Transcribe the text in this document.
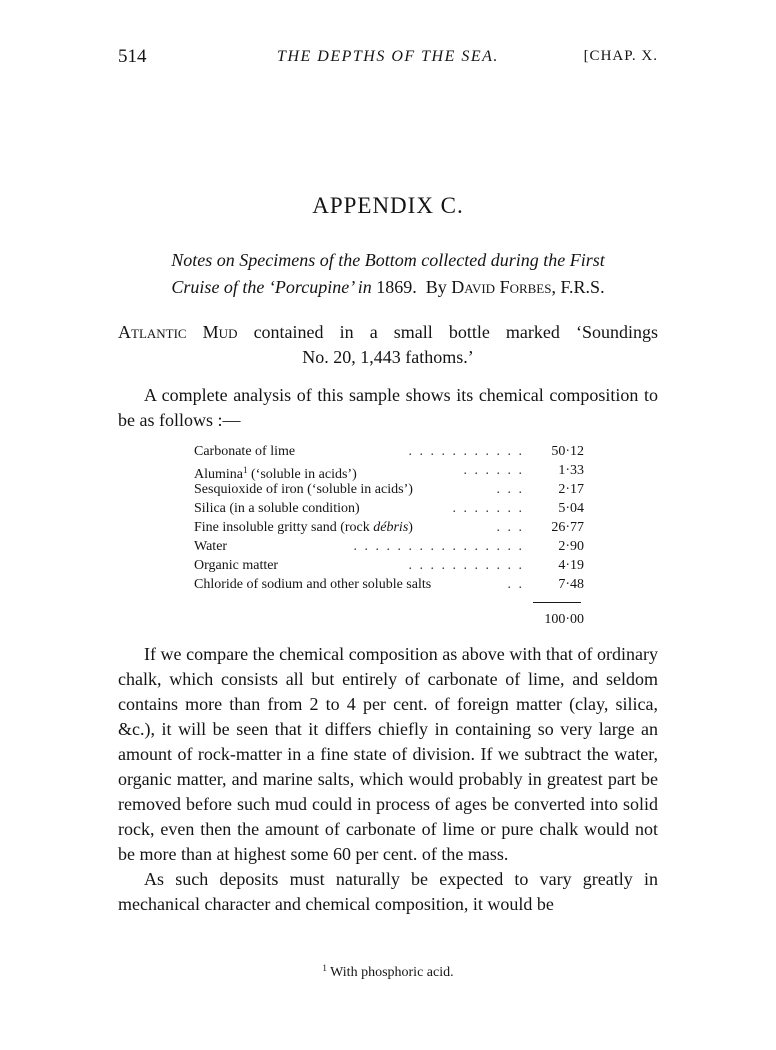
514	THE DEPTHS OF THE SEA.	[CHAP. X.
APPENDIX C.
Notes on Specimens of the Bottom collected during the First
Cruise of the ‘Porcupine’ in 1869. By David Forbes, F.R.S.
Atlantic Mud contained in a small bottle marked ‘Soundings
No. 20, 1,443 fathoms.’

A complete analysis of this sample shows its chemical composition to be as follows :—

Carbonate of lime	. . . . . . . . . . . 50·12
Alumina$^1$ (‘soluble in acids’)	. . . . . . 1·33
Sesquioxide of iron (‘soluble in acids’)	. . . 2·17
Silica (in a soluble condition)	. . . . . . . 5·04
Fine insoluble gritty sand (rock débris)	. . . 26·77
Water	. . . . . . . . . . . . . . . . 2·90
Organic matter	. . . . . . . . . . . 4·19
Chloride of sodium and other soluble salts	. . 7·48
100·00

If we compare the chemical composition as above with that of ordinary chalk, which consists all but entirely of carbonate of lime, and seldom contains more than from 2 to 4 per cent. of foreign matter (clay, silica, &c.), it will be seen that it differs chiefly in containing so very large an amount of rock-matter in a fine state of division. If we subtract the water, organic matter, and marine salts, which would probably in greatest part be removed before such mud could in process of ages be converted into solid rock, even then the amount of carbonate of lime or pure chalk would not be more than at highest some 60 per cent. of the mass.

As such deposits must naturally be expected to vary greatly in mechanical character and chemical composition, it would be

$^1$ With phosphoric acid.
